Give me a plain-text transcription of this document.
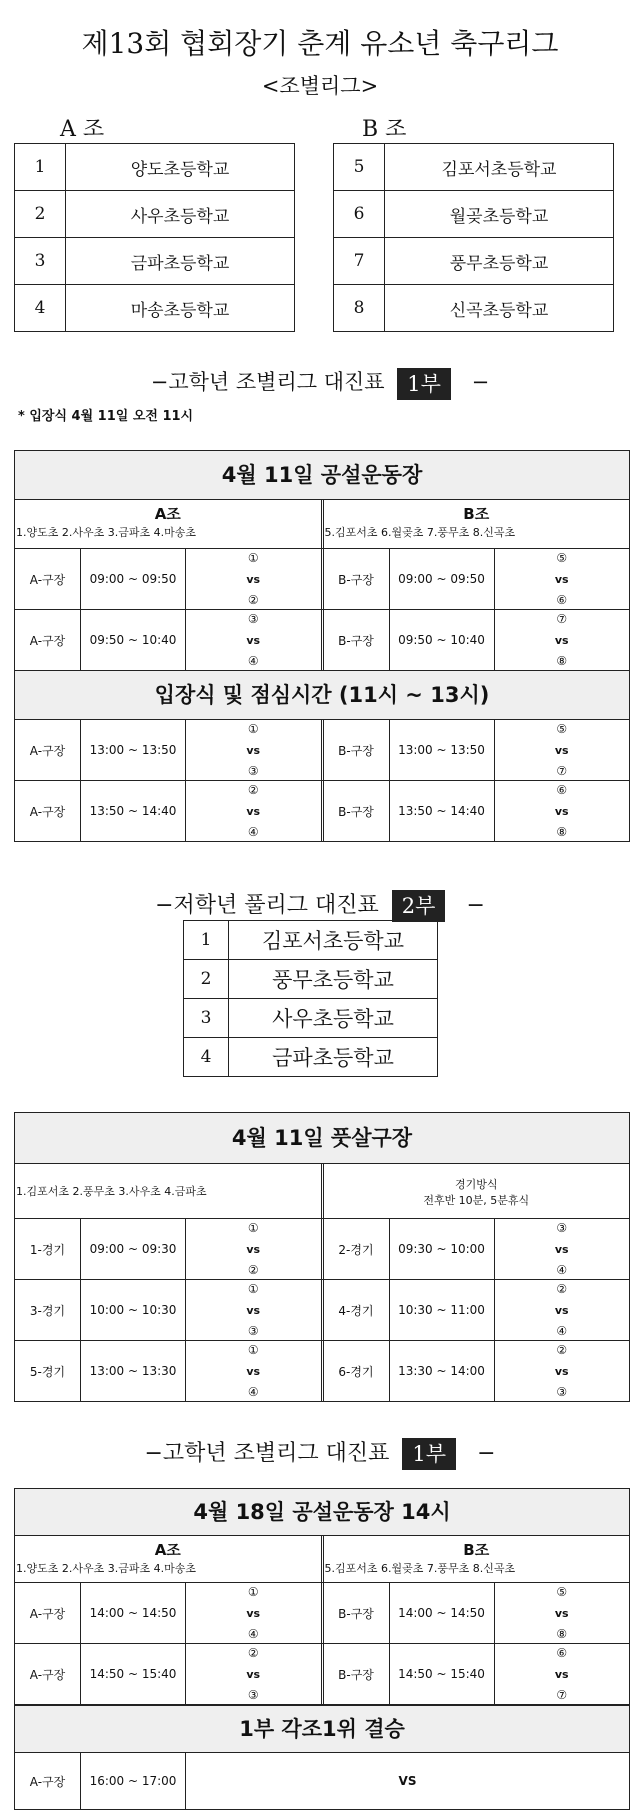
제13회 협회장기 춘계 유소년 축구리그
<조별리그>
A 조	B 조
1	양도초등학교
2	사우초등학교
3	금파초등학교
4	마송초등학교
5	김포서초등학교
6	월곶초등학교
7	풍무초등학교
8	신곡초등학교
−고학년 조별리그 대진표 1부 −
* 입장식 4월 11일 오전 11시
4월 11일 공설운동장
A조
1.양도초 2.사우초 3.금파초 4.마송초
B조
5.김포서초 6.월곶초 7.풍무초 8.신곡초
A-구장	09:00 ~ 09:50
①
vs
②
B-구장	09:00 ~ 09:50
⑤
vs
⑥
A-구장	09:50 ~ 10:40
③
vs
④
B-구장	09:50 ~ 10:40
⑦
vs
⑧
입장식 및 점심시간 (11시 ~ 13시)
A-구장	13:00 ~ 13:50
①
vs
③
B-구장	13:00 ~ 13:50
⑤
vs
⑦
A-구장	13:50 ~ 14:40
②
vs
④
B-구장	13:50 ~ 14:40
⑥
vs
⑧
−저학년 풀리그 대진표 2부 −
1	김포서초등학교
2	풍무초등학교
3	사우초등학교
4	금파초등학교
4월 11일 풋살구장
1.김포서초 2.풍무초 3.사우초 4.금파초
경기방식
전후반 10분, 5분휴식
1-경기	09:00 ~ 09:30
①
vs
②
2-경기	09:30 ~ 10:00
③
vs
④
3-경기	10:00 ~ 10:30
①
vs
③
4-경기	10:30 ~ 11:00
②
vs
④
5-경기	13:00 ~ 13:30
①
vs
④
6-경기	13:30 ~ 14:00
②
vs
③
−고학년 조별리그 대진표 1부 −
4월 18일 공설운동장 14시
A조
1.양도초 2.사우초 3.금파초 4.마송초
B조
5.김포서초 6.월곶초 7.풍무초 8.신곡초
A-구장	14:00 ~ 14:50
①
vs
④
B-구장	14:00 ~ 14:50
⑤
vs
⑧
A-구장	14:50 ~ 15:40
②
vs
③
B-구장	14:50 ~ 15:40
⑥
vs
⑦
1부 각조1위 결승
A-구장	16:00 ~ 17:00	VS
